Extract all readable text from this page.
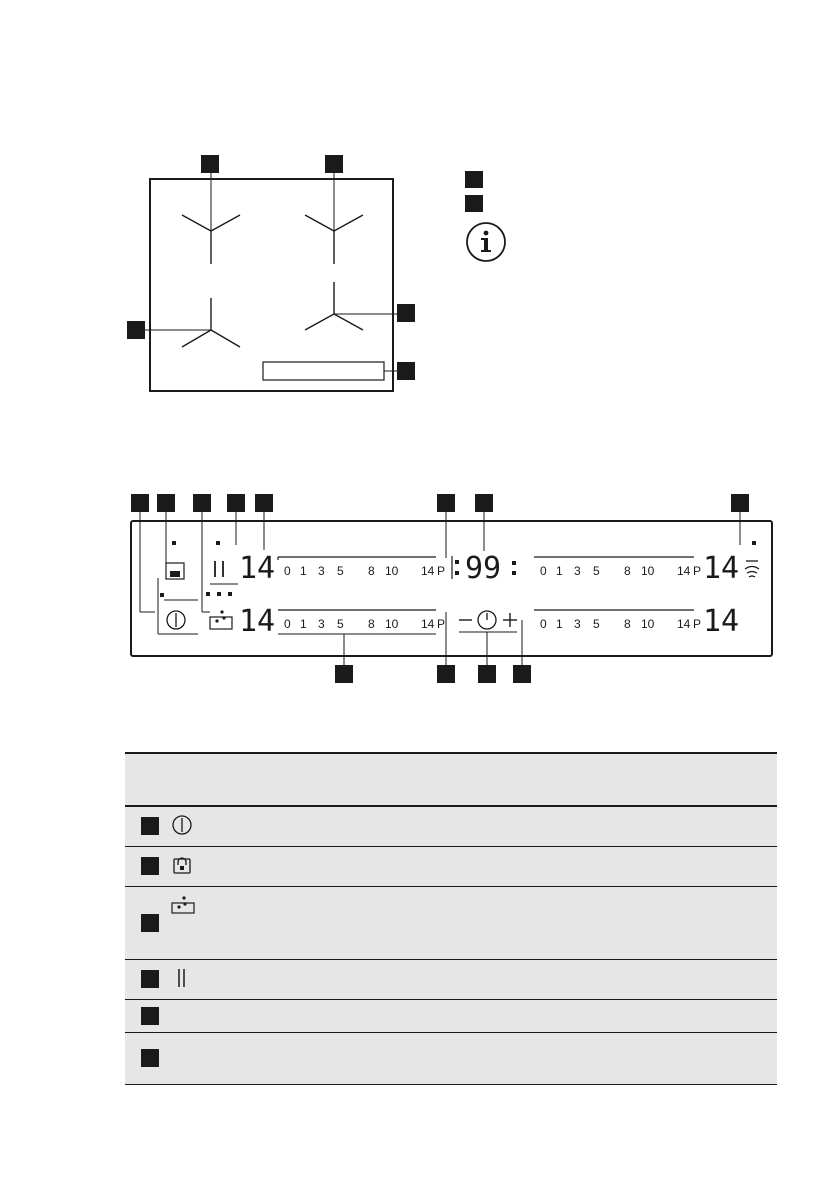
14
14
0 1 3 5 8 10 14 P
0 1 3 5 8 10 14 P
0 1 3 5 8 10 14 P
0 1 3 5 8 10 14 P
99	14
14
